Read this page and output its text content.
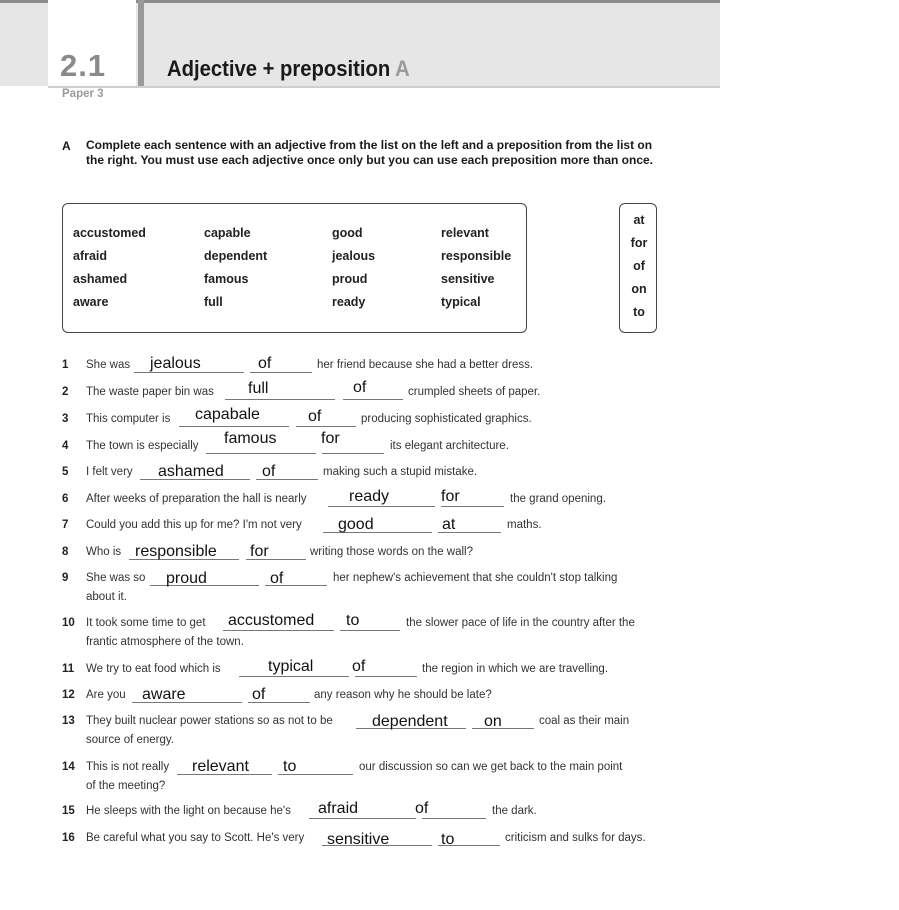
2.1
Paper 3
Adjective + preposition A
A Complete each sentence with an adjective from the list on the left and a preposition from the list on the right. You must use each adjective once only but you can use each preposition more than once.
accustomed
afraid
ashamed
aware
capable
dependent
famous
full
good
jealous
proud
ready
relevant
responsible
sensitive
typical
at
for
of
on
to
1	She was jealous	of	her friend because she had a better dress.
2	The waste paper bin was full	of	crumpled sheets of paper.
3	This computer is capabale	of	producing sophisticated graphics.
4	The town is especially famous	for	its elegant architecture.
5	I felt very ashamed of	making such a stupid mistake.
6	After weeks of preparation the hall is nearly	ready	for	the grand opening.
7	Could you add this up for me? I'm not very good	at	maths.
8	Who is responsible for	writing those words on the wall?
9	She was so proud	of	her nephew's achievement that she couldn't stop talking
about it.
10 It took some time to get accustomed to	the slower pace of life in the country after the
frantic atmosphere of the town.
11	We try to eat food which is	typical of	the region in which we are travelling.
12 Are you aware	of	any reason why he should be late?
13 They built nuclear power stations so as not to be dependent on	coal as their main
source of energy.
14 This is not really relevant to	our discussion so can we get back to the main point
of the meeting?
15 He sleeps with the light on because he's afraid	of	the dark.
16 Be careful what you say to Scott. He's very sensitive	to	criticism and sulks for days.
